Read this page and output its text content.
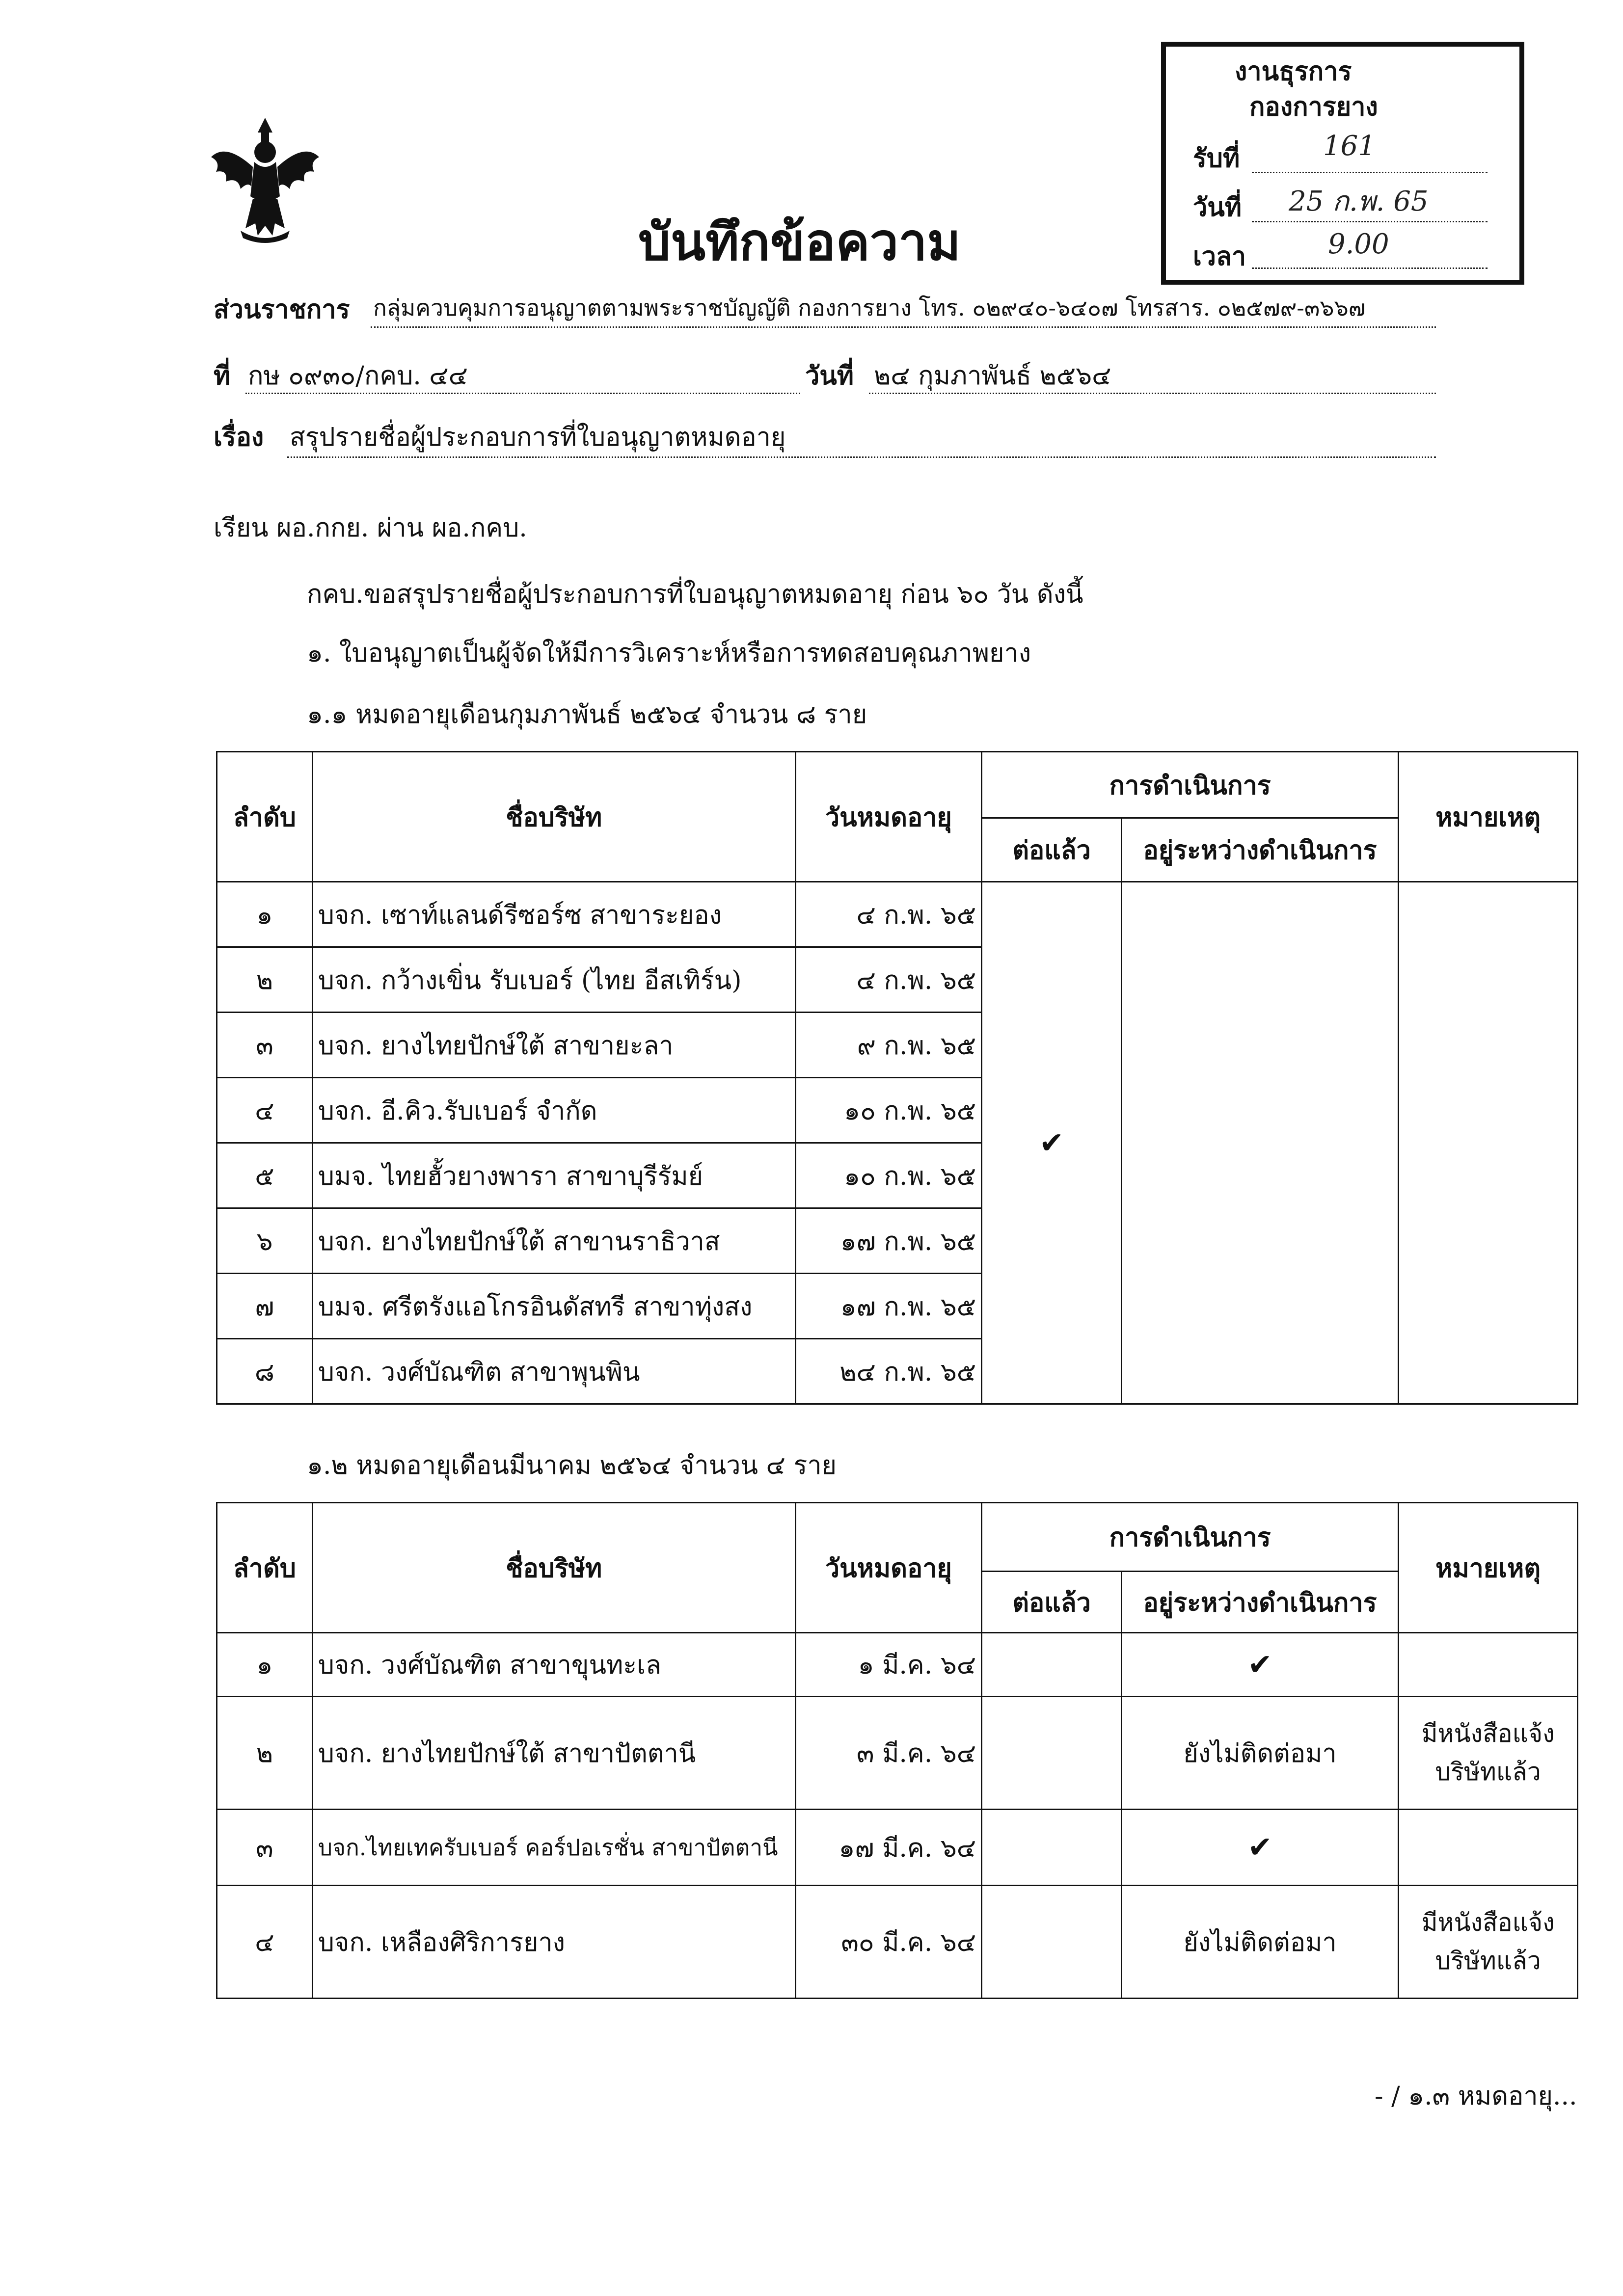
งานธุรการ
กองการยาง
รับที่
วันที่
เวลา
161
25 ก.พ. 65
9.00
บันทึกข้อความ
ส่วนราชการ กลุ่มควบคุมการอนุญาตตามพระราชบัญญัติ กองการยาง โทร. ๐๒๙๔๐-๖๔๐๗ โทรสาร. ๐๒๕๗๙-๓๖๖๗
ที่ กษ ๐๙๓๐/กคบ. ๔๔	วันที่ ๒๔ กุมภาพันธ์ ๒๕๖๔
เรื่อง สรุปรายชื่อผู้ประกอบการที่ใบอนุญาตหมดอายุ
เรียน ผอ.กกย. ผ่าน ผอ.กคบ.
กคบ.ขอสรุปรายชื่อผู้ประกอบการที่ใบอนุญาตหมดอายุ ก่อน ๖๐ วัน ดังนี้
๑. ใบอนุญาตเป็นผู้จัดให้มีการวิเคราะห์หรือการทดสอบคุณภาพยาง
๑.๑ หมดอายุเดือนกุมภาพันธ์ ๒๕๖๔ จำนวน ๘ ราย
ลำดับ	ชื่อบริษัท	วันหมดอายุ	การดำเนินการ		หมายเหตุ
			ต่อแล้ว	อยู่ระหว่างดำเนินการ	
๑	บจก. เซาท์แลนด์รีซอร์ซ สาขาระยอง	๔ ก.พ. ๖๕	✔		
๒	บจก. กว้างเขิ่น รับเบอร์ (ไทย อีสเทิร์น)	๔ ก.พ. ๖๕			
๓	บจก. ยางไทยปักษ์ใต้ สาขายะลา	๙ ก.พ. ๖๕			
๔	บจก. อี.คิว.รับเบอร์ จำกัด	๑๐ ก.พ. ๖๕			
๕	บมจ. ไทยฮั้วยางพารา สาขาบุรีรัมย์	๑๐ ก.พ. ๖๕			
๖	บจก. ยางไทยปักษ์ใต้ สาขานราธิวาส	๑๗ ก.พ. ๖๕			
๗	บมจ. ศรีตรังแอโกรอินดัสทรี สาขาทุ่งสง	๑๗ ก.พ. ๖๕			
๘	บจก. วงศ์บัณฑิต สาขาพุนพิน	๒๔ ก.พ. ๖๕			
๑.๒ หมดอายุเดือนมีนาคม ๒๕๖๔ จำนวน ๔ ราย
ลำดับ	ชื่อบริษัท	วันหมดอายุ	การดำเนินการ		หมายเหตุ
			ต่อแล้ว	อยู่ระหว่างดำเนินการ	
๑	บจก. วงศ์บัณฑิต สาขาขุนทะเล	๑ มี.ค. ๖๔		✔	

๒	บจก. ยางไทยปักษ์ใต้ สาขาปัตตานี	๓ มี.ค. ๖๔		ยังไม่ติดต่อมา	มีหนังสือแจ้ง
บริษัทแล้ว
๓	บจก.ไทยเทครับเบอร์ คอร์ปอเรชั่น สาขาปัตตานี	๑๗ มี.ค. ๖๔		✔	

๔	บจก. เหลืองศิริการยาง	๓๐ มี.ค. ๖๔		ยังไม่ติดต่อมา	มีหนังสือแจ้ง
บริษัทแล้ว
- / ๑.๓ หมดอายุ...
